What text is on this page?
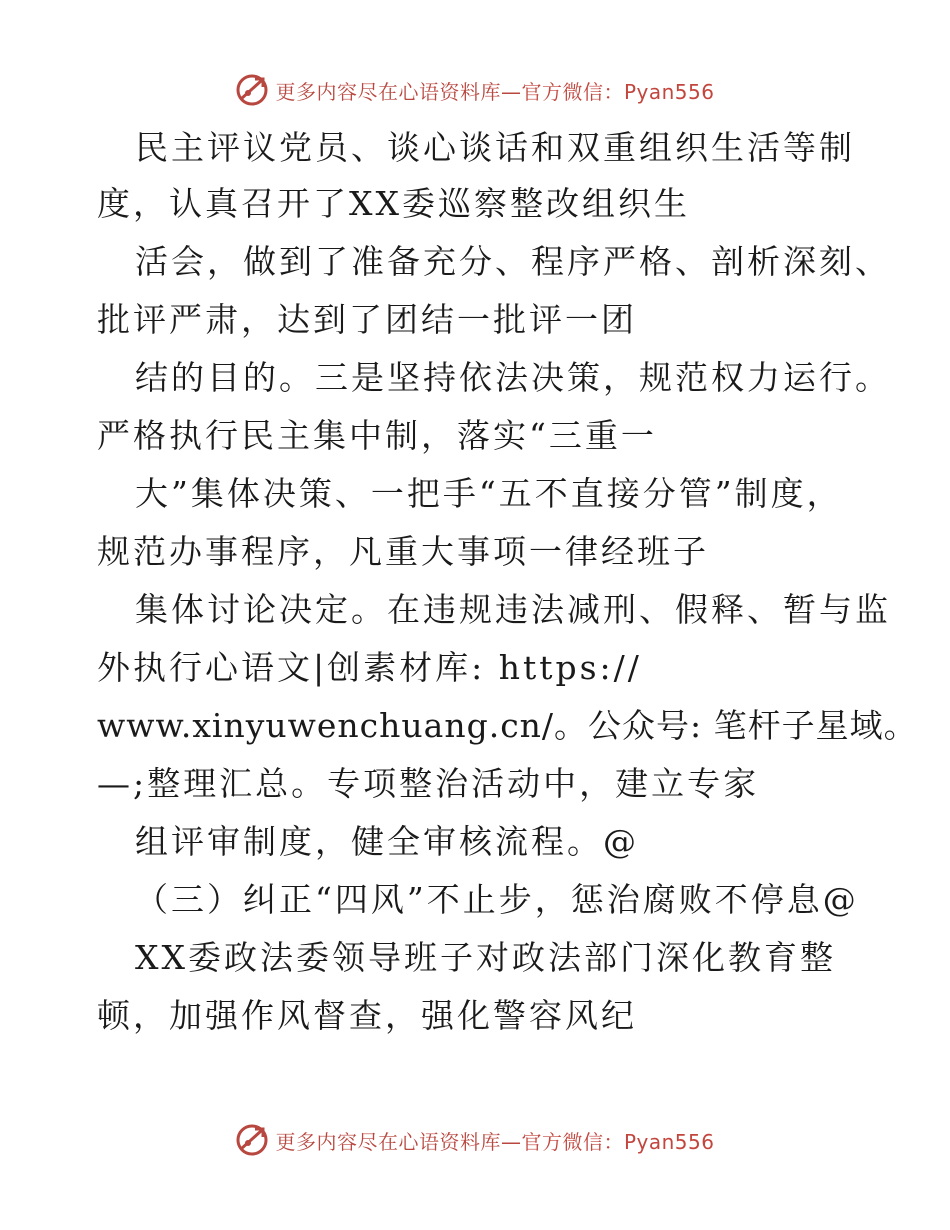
更多内容尽在心语资料库—官方微信：Pyan556
民主评议党员、谈心谈话和双重组织生活等制
度，认真召开了XX委巡察整改组织生
活会，做到了准备充分、程序严格、剖析深刻、
批评严肃，达到了团结一批评一团
结的目的。三是坚持依法决策，规范权力运行。
严格执行民主集中制，落实“三重一
大”集体决策、一把手“五不直接分管”制度，
规范办事程序，凡重大事项一律经班子
集体讨论决定。在违规违法减刑、假释、暂与监
外执行心语文|创素材库: https://
www.xinyuwenchuang.cn/。公众号: 笔杆子星域。
—;整理汇总。专项整治活动中，建立专家
组评审制度，健全审核流程。@
（三）纠正“四风”不止步，惩治腐败不停息@
XX委政法委领导班子对政法部门深化教育整
顿，加强作风督查，强化警容风纪
更多内容尽在心语资料库—官方微信：Pyan556
